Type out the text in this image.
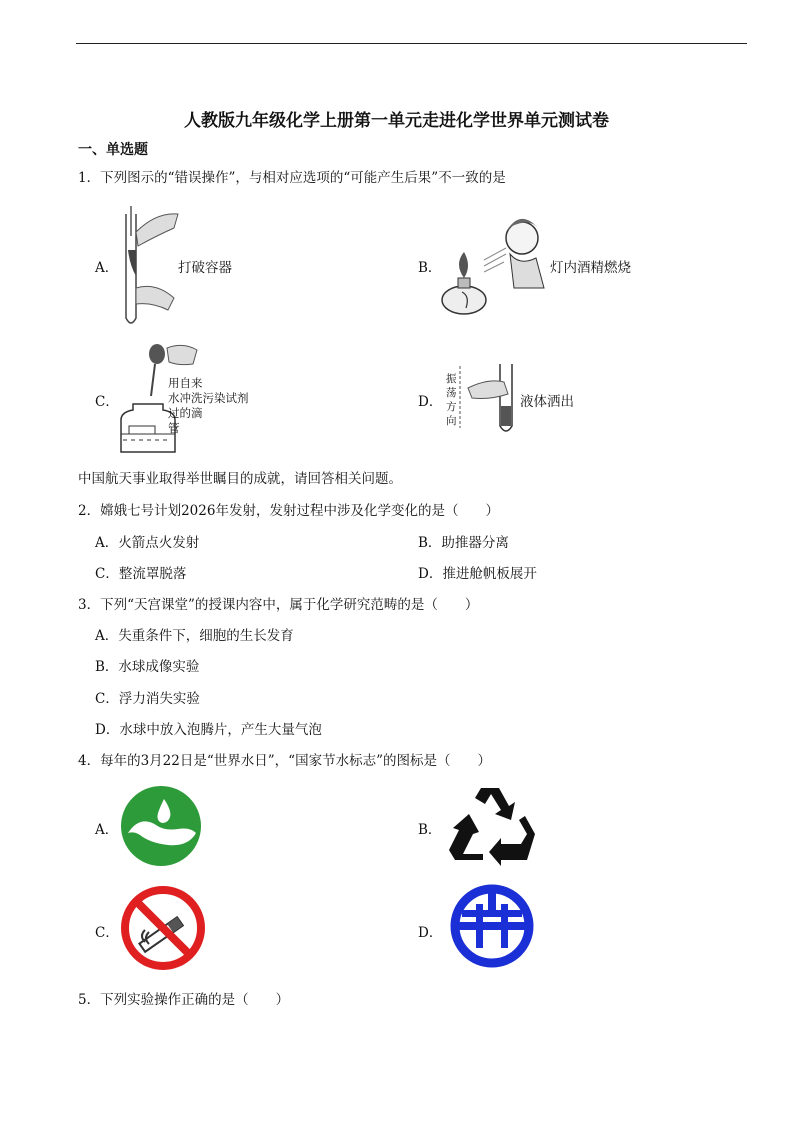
人教版九年级化学上册第一单元走进化学世界单元测试卷
一、单选题
1．下列图示的“错误操作”，与相对应选项的“可能产生后果”不一致的是
A．	打破容器	B．	灯内酒精燃烧
C．
用自来
水冲洗污染试剂
过的滴
管
D．
振
荡
方
向
液体洒出
中国航天事业取得举世瞩目的成就，请回答相关问题。
2．嫦娥七号计划2026年发射，发射过程中涉及化学变化的是（　　）
A．火箭点火发射	B．助推器分离
C．整流罩脱落	D．推进舱帆板展开
3．下列“天宫课堂”的授课内容中，属于化学研究范畴的是（　　）
A．失重条件下，细胞的生长发育
B．水球成像实验
C．浮力消失实验
D．水球中放入泡腾片，产生大量气泡
4．每年的3月22日是“世界水日”，“国家节水标志”的图标是（　　）
A．	B．
C．	D．
5．下列实验操作正确的是（　　）
